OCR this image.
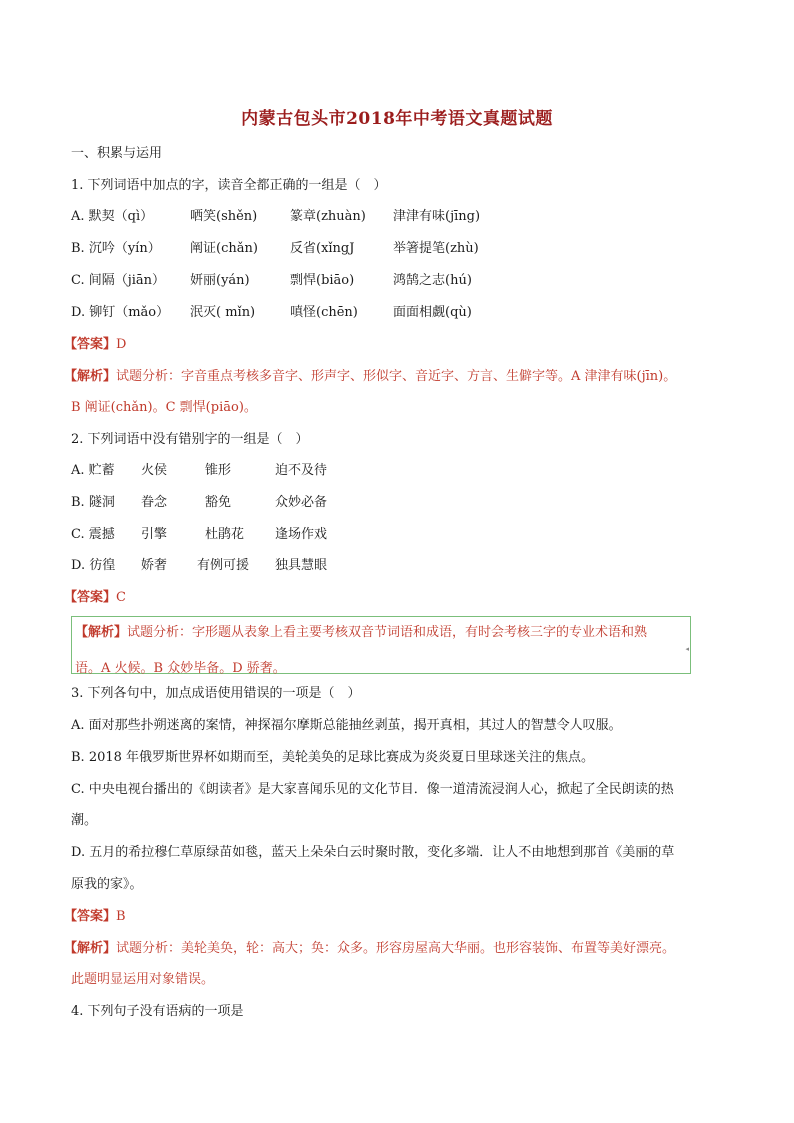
内蒙古包头市2018年中考语文真题试题
一、积累与运用
1. 下列词语中加点的字，读音全都正确的一组是（　）
A. 默契（qì）	哂笑(shěn)	篆章(zhuàn) 津津有味(jīng)
B. 沉吟（yín） 阐证(chǎn) 反省(xǐngJ	举箸提笔(zhù)
C. 间隔（jiān） 妍丽(yán)	剽悍(biāo)	鸿鹄之志(hú)
D. 铆钉（mǎo） 泯灭( mǐn)	嗔怪(chēn)	面面相觑(qù)
【答案】D
【解析】试题分析：字音重点考核多音字、形声字、形似字、音近字、方言、生僻字等。A 津津有味(jīn)。
B 阐证(chǎn)。C 剽悍(piāo)。
2. 下列词语中没有错别字的一组是（　）
A. 贮蓄 火侯	锥形	迫不及待
B. 隧洞 眷念	豁免	众妙必备
C. 震撼 引擎	杜鹃花 逢场作戏
D. 彷徨 娇奢 有例可援 独具慧眼
【答案】C
【解析】试题分析：字形题从表象上看主要考核双音节词语和成语，有时会考核三字的专业术语和熟
语。A 火候。B 众妙毕备。D 骄奢。
◂
3. 下列各句中，加点成语使用错误的一项是（　）
A. 面对那些扑朔迷离的案情，神探福尔摩斯总能抽丝剥茧，揭开真相，其过人的智慧令人叹服。
B. 2018 年俄罗斯世界杯如期而至，美轮美奂的足球比赛成为炎炎夏日里球迷关注的焦点。
C. 中央电视台播出的《朗读者》是大家喜闻乐见的文化节目．像一道清流浸润人心，掀起了全民朗读的热
潮。
D. 五月的希拉穆仁草原绿苗如毯，蓝天上朵朵白云时聚时散，变化多端．让人不由地想到那首《美丽的草
原我的家》。
【答案】B
【解析】试题分析：美轮美奂，轮：高大；奂：众多。形容房屋高大华丽。也形容装饰、布置等美好漂亮。
此题明显运用对象错误。
4. 下列句子没有语病的一项是
